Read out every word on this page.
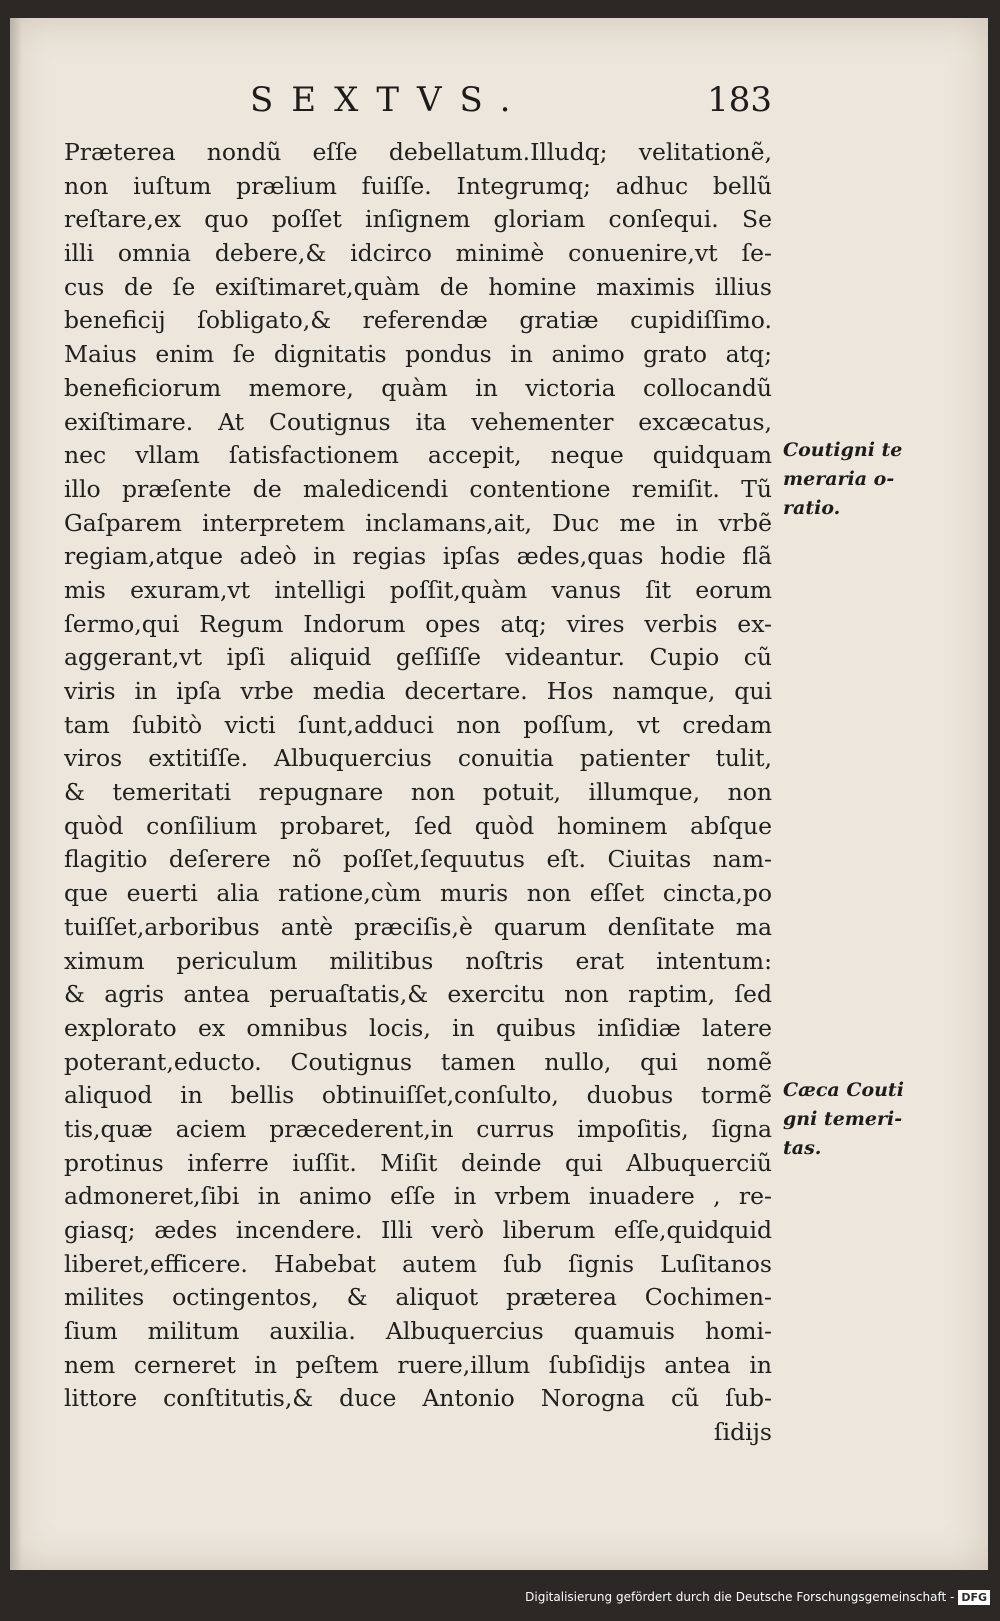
SEXTVS.	183
Præterea nondũ eſſe debellatum.Illudq; velitationẽ,
non iuſtum prælium fuiſſe. Integrumq; adhuc bellũ
reſtare,ex quo poſſet inſignem gloriam conſequi. Se
illi omnia debere,& idcirco minimè conuenire,vt ſe-
cus de ſe exiſtimaret,quàm de homine maximis illius
beneficij ſobligato,& referendæ gratiæ cupidiſſimo.
Maius enim ſe dignitatis pondus in animo grato atq;
beneficiorum memore, quàm in victoria collocandũ
exiſtimare. At Coutignus ita vehementer excæcatus,
nec vllam ſatisfactionem accepit, neque quidquam
illo præſente de maledicendi contentione remiſit. Tũ
Gaſparem interpretem inclamans,ait, Duc me in vrbẽ
regiam,atque adeò in regias ipſas ædes,quas hodie flã
mis exuram,vt intelligi poſſit,quàm vanus ſit eorum
ſermo,qui Regum Indorum opes atq; vires verbis ex-
aggerant,vt ipſi aliquid geſſiſſe videantur. Cupio cũ
viris in ipſa vrbe media decertare. Hos namque, qui
tam ſubitò victi ſunt,adduci non poſſum, vt credam
viros extitiſſe. Albuquercius conuitia patienter tulit,
& temeritati repugnare non potuit, illumque, non
quòd conſilium probaret, ſed quòd hominem abſque
flagitio deſerere nõ poſſet,ſequutus eſt. Ciuitas nam-
que euerti alia ratione,cùm muris non eſſet cincta,po
tuiſſet,arboribus antè præciſis,è quarum denſitate ma
ximum periculum militibus noſtris erat intentum:
& agris antea peruaſtatis,& exercitu non raptim, ſed
explorato ex omnibus locis, in quibus inſidiæ latere
poterant,educto. Coutignus tamen nullo, qui nomẽ
aliquod in bellis obtinuiſſet,conſulto, duobus tormẽ
tis,quæ aciem præcederent,in currus impoſitis, ſigna
protinus inferre iuſſit. Miſit deinde qui Albuquerciũ
admoneret,ſibi in animo eſſe in vrbem inuadere , re-
giasq; ædes incendere. Illi verò liberum eſſe,quidquid
liberet,efficere. Habebat autem ſub ſignis Luſitanos
milites octingentos, & aliquot præterea Cochimen-
ſium militum auxilia. Albuquercius quamuis homi-
nem cerneret in peſtem ruere,illum ſubſidijs antea in
littore conſtitutis,& duce Antonio Norogna cũ ſub-
ſidijs
Coutigni te
meraria o-
ratio.
Cæca Couti
gni temeri-
tas.
Digitalisierung gefördert durch die Deutsche Forschungsgemeinschaft - DFG
